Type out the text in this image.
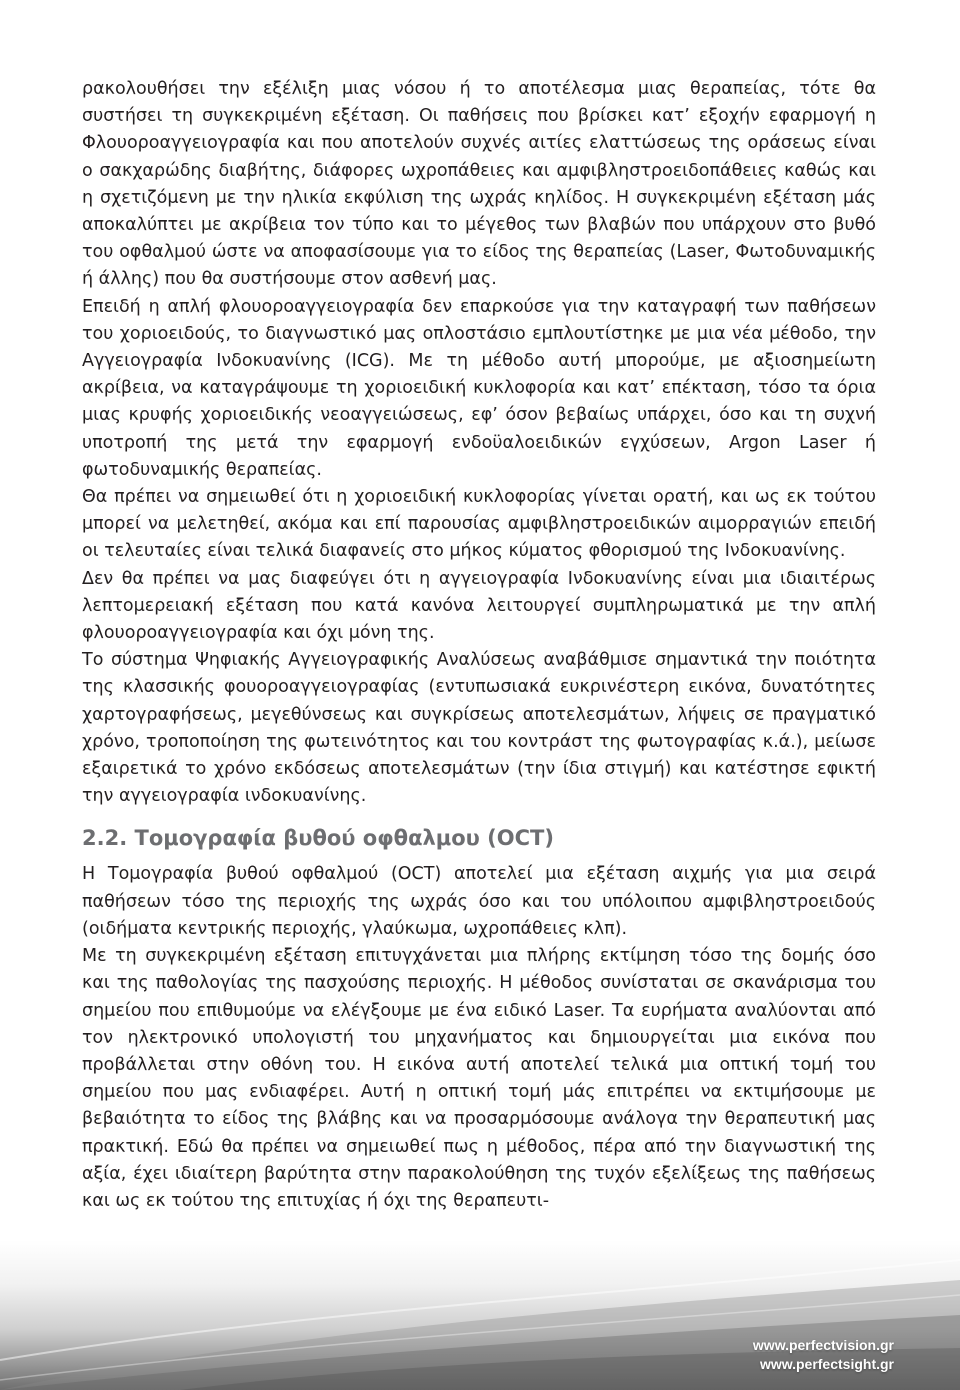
ρακολουθήσει την εξέλιξη μιας νόσου ή το αποτέλεσμα μιας θεραπείας, τότε θα συστήσει τη συγκεκριμένη εξέταση. Οι παθήσεις που βρίσκει κατ’ εξοχήν εφαρμογή η Φλουοροαγγειογραφία και που αποτελούν συχνές αιτίες ελαττώσεως της οράσεως είναι ο σακχαρώδης διαβήτης, διάφορες ωχροπάθειες και αμφιβληστροειδοπάθειες καθώς και η σχετιζόμενη με την ηλικία εκφύλιση της ωχράς κηλίδος. Η συγκεκριμένη εξέταση μάς αποκαλύπτει με ακρίβεια τον τύπο και το μέγεθος των βλαβών που υπάρχουν στο βυθό του οφθαλμού ώστε να αποφασίσουμε για το είδος της θεραπείας (Laser, Φωτοδυναμικής ή άλλης) που θα συστήσουμε στον ασθενή μας.

Επειδή η απλή φλουοροαγγειογραφία δεν επαρκούσε για την καταγραφή των παθήσεων του χοριοειδούς, το διαγνωστικό μας οπλοστάσιο εμπλουτίστηκε με μια νέα μέθοδο, την Αγγειογραφία Ινδοκυανίνης (ICG). Με τη μέθοδο αυτή μπορούμε, με αξιοσημείωτη ακρίβεια, να καταγράψουμε τη χοριοειδική κυκλοφορία και κατ’ επέκταση, τόσο τα όρια μιας κρυφής χοριοειδικής νεοαγγειώσεως, εφ’ όσον βεβαίως υπάρχει, όσο και τη συχνή υποτροπή της μετά την εφαρμογή ενδοϋαλοειδικών εγχύσεων, Argon Laser ή φωτοδυναμικής θεραπείας.

Θα πρέπει να σημειωθεί ότι η χοριοειδική κυκλοφορίας γίνεται ορατή, και ως εκ τούτου μπορεί να μελετηθεί, ακόμα και επί παρουσίας αμφιβληστροειδικών αιμορραγιών επειδή οι τελευταίες είναι τελικά διαφανείς στο μήκος κύματος φθορισμού της Ινδοκυανίνης.

Δεν θα πρέπει να μας διαφεύγει ότι η αγγειογραφία Ινδοκυανίνης είναι μια ιδιαιτέρως λεπτομερειακή εξέταση που κατά κανόνα λειτουργεί συμπληρωματικά με την απλή φλουοροαγγειογραφία και όχι μόνη της.

Το σύστημα Ψηφιακής Αγγειογραφικής Αναλύσεως αναβάθμισε σημαντικά την ποιότητα της κλασσικής φουοροαγγειογραφίας (εντυπωσιακά ευκρινέστερη εικόνα, δυνατότητες χαρτογραφήσεως, μεγεθύνσεως και συγκρίσεως αποτελεσμάτων, λήψεις σε πραγματικό χρόνο, τροποποίηση της φωτεινότητος και του κοντράστ της φωτογραφίας κ.ά.), μείωσε εξαιρετικά το χρόνο εκδόσεως αποτελεσμάτων (την ίδια στιγμή) και κατέστησε εφικτή την αγγειογραφία ινδοκυανίνης.

2.2. Τομογραφία βυθού οφθαλμου (OCT)

Η Τομογραφία βυθού οφθαλμού (OCT) αποτελεί μια εξέταση αιχμής για μια σειρά παθήσεων τόσο της περιοχής της ωχράς όσο και του υπόλοιπου αμφιβληστροειδούς (οιδήματα κεντρικής περιοχής, γλαύκωμα, ωχροπάθειες κλπ).

Με τη συγκεκριμένη εξέταση επιτυγχάνεται μια πλήρης εκτίμηση τόσο της δομής όσο και της παθολογίας της πασχούσης περιοχής. Η μέθοδος συνίσταται σε σκανάρισμα του σημείου που επιθυμούμε να ελέγξουμε με ένα ειδικό Laser. Τα ευρήματα αναλύονται από τον ηλεκτρονικό υπολογιστή του μηχανήματος και δημιουργείται μια εικόνα που προβάλλεται στην οθόνη του. Η εικόνα αυτή αποτελεί τελικά μια οπτική τομή του σημείου που μας ενδιαφέρει. Αυτή η οπτική τομή μάς επιτρέπει να εκτιμήσουμε με βεβαιότητα το είδος της βλάβης και να προσαρμόσουμε ανάλογα την θεραπευτική μας πρακτική. Εδώ θα πρέπει να σημειωθεί πως η μέθοδος, πέρα από την διαγνωστική της αξία, έχει ιδιαίτερη βαρύτητα στην παρακολούθηση της τυχόν εξελίξεως της παθήσεως και ως εκ τούτου της επιτυχίας ή όχι της θεραπευτι-

www.perfectvision.gr
www.perfectsight.gr
